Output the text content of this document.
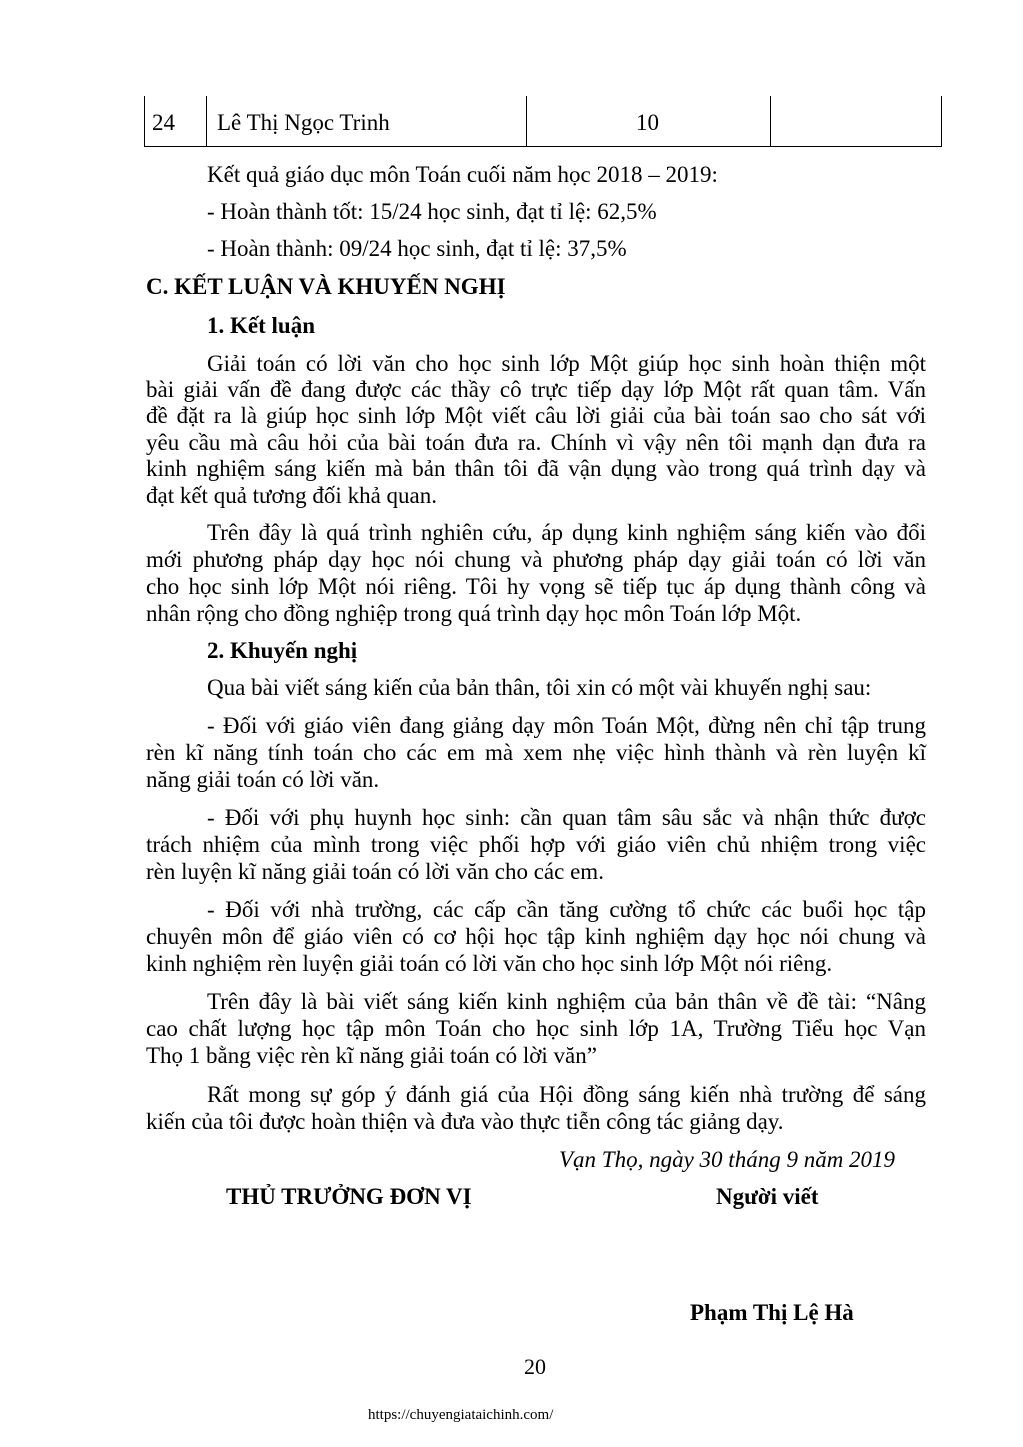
24 Lê Thị Ngọc Trinh	10
Kết quả giáo dục môn Toán cuối năm học 2018 – 2019:
- Hoàn thành tốt: 15/24 học sinh, đạt tỉ lệ: 62,5%
- Hoàn thành: 09/24 học sinh, đạt tỉ lệ: 37,5%
C. KẾT LUẬN VÀ KHUYẾN NGHỊ
1. Kết luận
Giải toán có lời văn cho học sinh lớp Một giúp học sinh hoàn thiện một
bài giải vấn đề đang được các thầy cô trực tiếp dạy lớp Một rất quan tâm. Vấn
đề đặt ra là giúp học sinh lớp Một viết câu lời giải của bài toán sao cho sát với
yêu cầu mà câu hỏi của bài toán đưa ra. Chính vì vậy nên tôi mạnh dạn đưa ra
kinh nghiệm sáng kiến mà bản thân tôi đã vận dụng vào trong quá trình dạy và
đạt kết quả tương đối khả quan.
Trên đây là quá trình nghiên cứu, áp dụng kinh nghiệm sáng kiến vào đổi
mới phương pháp dạy học nói chung và phương pháp dạy giải toán có lời văn
cho học sinh lớp Một nói riêng. Tôi hy vọng sẽ tiếp tục áp dụng thành công và
nhân rộng cho đồng nghiệp trong quá trình dạy học môn Toán lớp Một.
2. Khuyến nghị
Qua bài viết sáng kiến của bản thân, tôi xin có một vài khuyến nghị sau:
- Đối với giáo viên đang giảng dạy môn Toán Một, đừng nên chỉ tập trung
rèn kĩ năng tính toán cho các em mà xem nhẹ việc hình thành và rèn luyện kĩ
năng giải toán có lời văn.
- Đối với phụ huynh học sinh: cần quan tâm sâu sắc và nhận thức được
trách nhiệm của mình trong việc phối hợp với giáo viên chủ nhiệm trong việc
rèn luyện kĩ năng giải toán có lời văn cho các em.
- Đối với nhà trường, các cấp cần tăng cường tổ chức các buổi học tập
chuyên môn để giáo viên có cơ hội học tập kinh nghiệm dạy học nói chung và
kinh nghiệm rèn luyện giải toán có lời văn cho học sinh lớp Một nói riêng.
Trên đây là bài viết sáng kiến kinh nghiệm của bản thân về đề tài: “Nâng
cao chất lượng học tập môn Toán cho học sinh lớp 1A, Trường Tiểu học Vạn
Thọ 1 bằng việc rèn kĩ năng giải toán có lời văn”
Rất mong sự góp ý đánh giá của Hội đồng sáng kiến nhà trường để sáng
kiến của tôi được hoàn thiện và đưa vào thực tiễn công tác giảng dạy.
Vạn Thọ, ngày 30 tháng 9 năm 2019
THỦ TRƯỞNG ĐƠN VỊ	Người viết
Phạm Thị Lệ Hà
20
https://chuyengiataichinh.com/
